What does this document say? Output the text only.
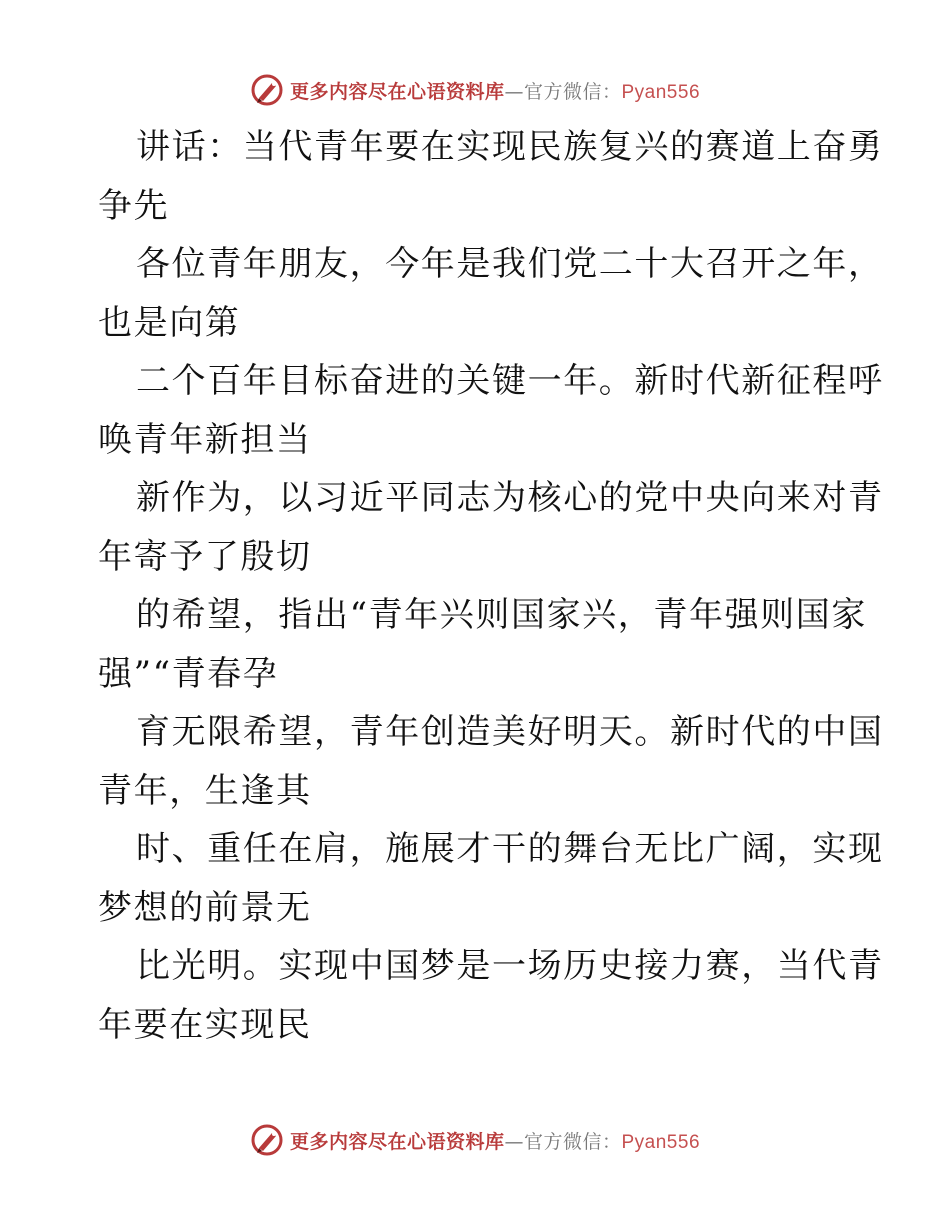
更多内容尽在心语资料库—官方微信：Pyan556
讲话：当代青年要在实现民族复兴的赛道上奋勇
争先
各位青年朋友，今年是我们党二十大召开之年，
也是向第
二个百年目标奋进的关键一年。新时代新征程呼
唤青年新担当
新作为，以习近平同志为核心的党中央向来对青
年寄予了殷切
的希望，指出“青年兴则国家兴，青年强则国家
强”“青春孕
育无限希望，青年创造美好明天。新时代的中国
青年，生逢其
时、重任在肩，施展才干的舞台无比广阔，实现
梦想的前景无
比光明。实现中国梦是一场历史接力赛，当代青
年要在实现民
更多内容尽在心语资料库—官方微信：Pyan556
